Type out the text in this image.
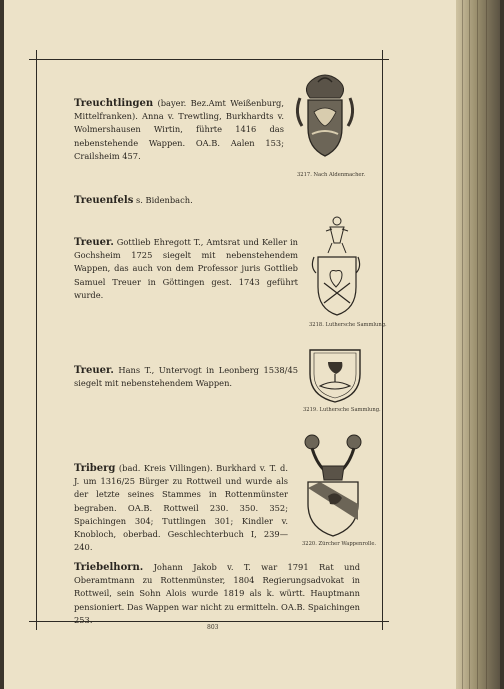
Treuchtlingen (bayer. Bez.Amt Weißenburg, Mittelfranken). Anna v. Trewtling, Burkhardts v. Wolmershausen Wirtin, führte 1416 das nebenstehende Wappen. OA.B. Aalen 153; Crailsheim 457.
Treuenfels s. Bidenbach.
Treuer. Gottlieb Ehregott T., Amtsrat und Keller in Gochsheim 1725 siegelt mit nebenstehendem Wappen, das auch von dem Professor juris Gottlieb Samuel Treuer in Göttingen gest. 1743 geführt wurde.
Treuer. Hans T., Untervogt in Leonberg 1538/45 siegelt mit nebenstehendem Wappen.
Triberg (bad. Kreis Villingen). Burkhard v. T. d. J. um 1316/25 Bürger zu Rottweil und wurde als der letzte seines Stammes in Rottenmünster begraben. OA.B. Rottweil 230. 350. 352; Spaichingen 304; Tuttlingen 301; Kindler v. Knobloch, oberbad. Geschlechterbuch I, 239—240.
Triebelhorn. Johann Jakob v. T. war 1791 Rat und Oberamtmann zu Rottenmünster, 1804 Regierungsadvokat in Rottweil, sein Sohn Alois wurde 1819 als k. württ. Hauptmann pensioniert. Das Wappen war nicht zu ermitteln. OA.B. Spaichingen 253.
3217. Nach Aldenmacher.
3218. Luthersche Sammlung.
3219. Luthersche Sammlung.
3220. Zürcher Wappenrolle.
803
